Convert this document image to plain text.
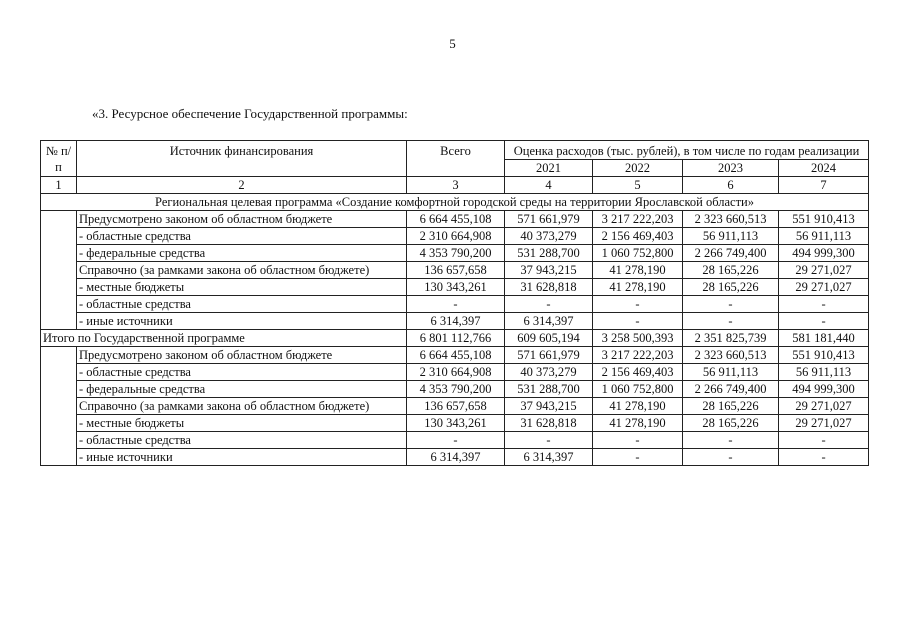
5
«3. Ресурсное обеспечение Государственной программы:
№ п/п	Источник финансирования	Всего	Оценка расходов (тыс. рублей), в том числе по годам реализации			
			2021	2022	2023	2024
1	2	3	4	5	6	7
Региональная целевая программа «Создание комфортной городской среды на территории Ярославской области»						
	Предусмотрено законом об областном бюджете	6 664 455,108	571 661,979	3 217 222,203	2 323 660,513	551 910,413
	- областные средства	2 310 664,908	40 373,279	2 156 469,403	56 911,113	56 911,113
	- федеральные средства	4 353 790,200	531 288,700	1 060 752,800	2 266 749,400	494 999,300
	Справочно (за рамками закона об областном бюджете)	136 657,658	37 943,215	41 278,190	28 165,226	29 271,027
	- местные бюджеты	130 343,261	31 628,818	41 278,190	28 165,226	29 271,027
	- областные средства	-	-	-	-	-
	- иные источники	6 314,397	6 314,397	-	-	-
Итого по Государственной программе		6 801 112,766	609 605,194	3 258 500,393	2 351 825,739	581 181,440
	Предусмотрено законом об областном бюджете	6 664 455,108	571 661,979	3 217 222,203	2 323 660,513	551 910,413
	- областные средства	2 310 664,908	40 373,279	2 156 469,403	56 911,113	56 911,113
	- федеральные средства	4 353 790,200	531 288,700	1 060 752,800	2 266 749,400	494 999,300
	Справочно (за рамками закона об областном бюджете)	136 657,658	37 943,215	41 278,190	28 165,226	29 271,027
	- местные бюджеты	130 343,261	31 628,818	41 278,190	28 165,226	29 271,027
	- областные средства	-	-	-	-	-
	- иные источники	6 314,397	6 314,397	-	-	-
